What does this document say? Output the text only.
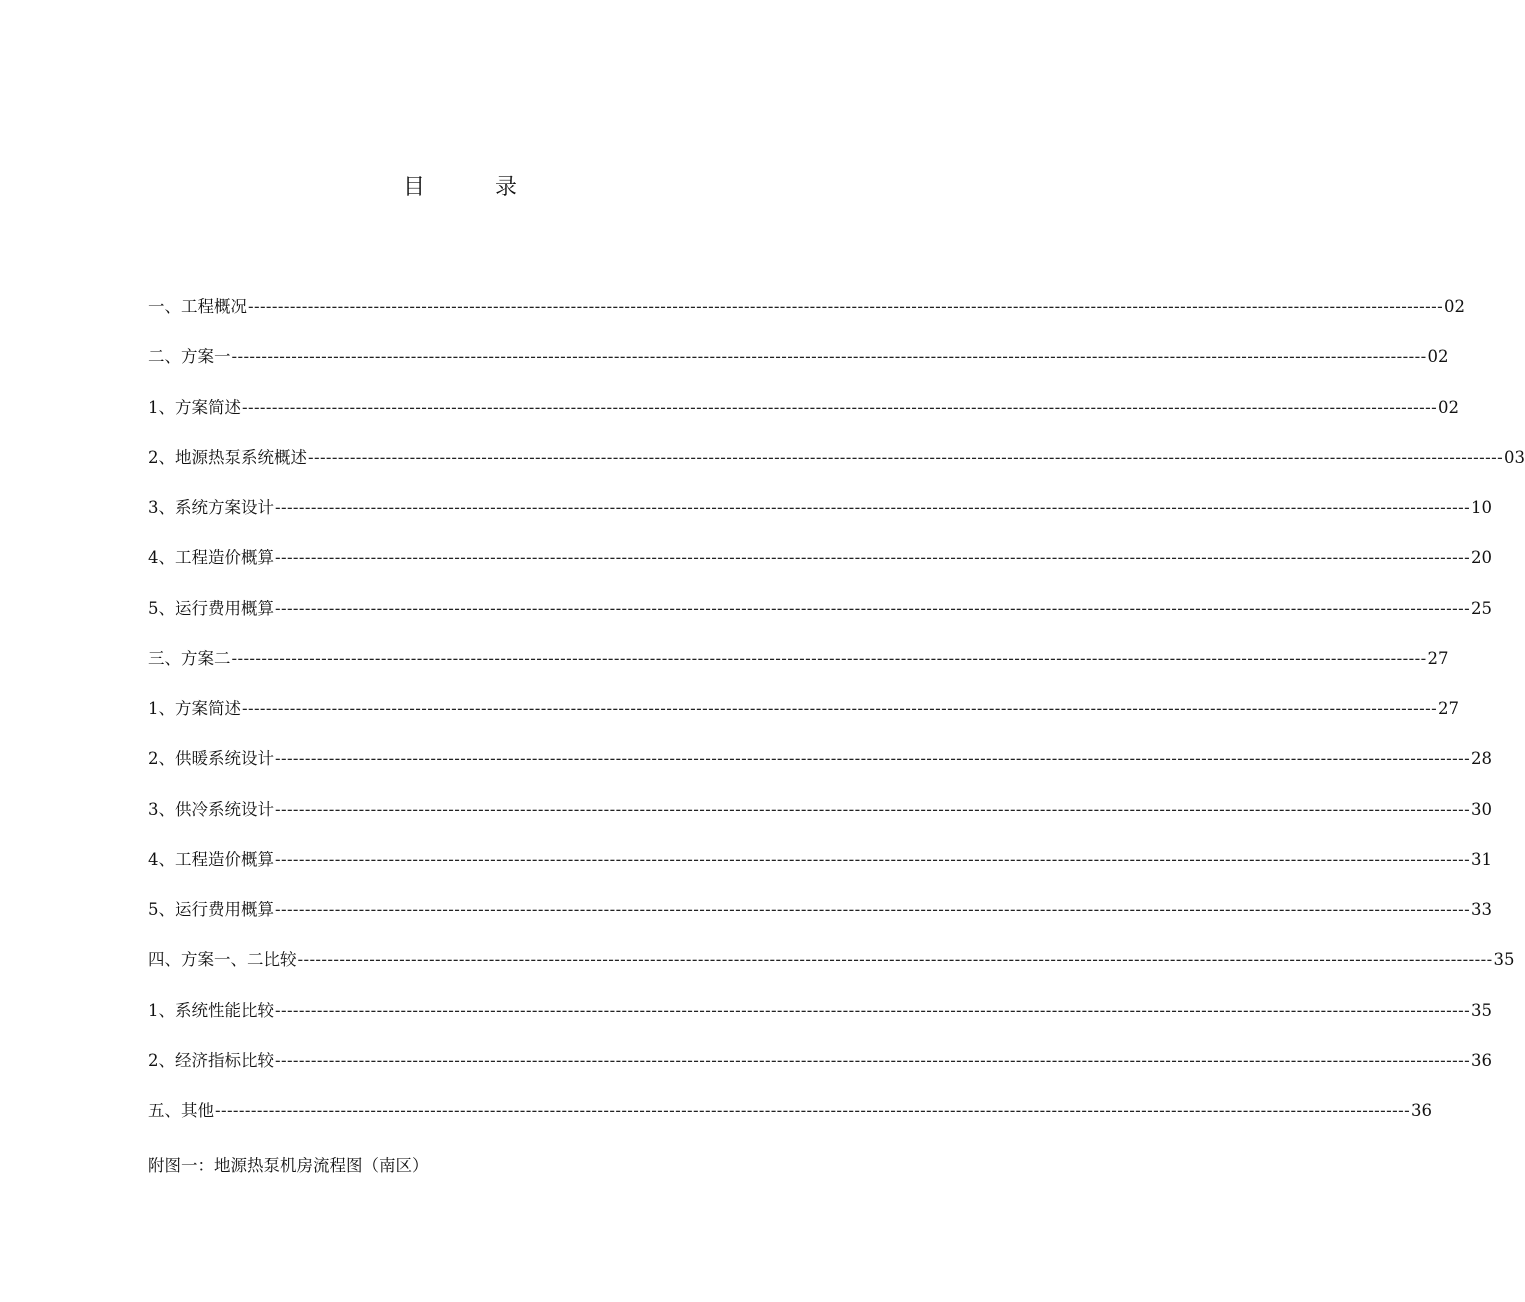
目	录
一、工程概况 -------------------------------------------------------------------------------------------------------------------------------------------------------------------------------------------------------- 02
二、方案一 -------------------------------------------------------------------------------------------------------------------------------------------------------------------------------------------------------- 02
1、方案简述 -------------------------------------------------------------------------------------------------------------------------------------------------------------------------------------------------------- 02
2、地源热泵系统概述 -------------------------------------------------------------------------------------------------------------------------------------------------------------------------------------------------------- 03
3、系统方案设计 -------------------------------------------------------------------------------------------------------------------------------------------------------------------------------------------------------- 10
4、工程造价概算 -------------------------------------------------------------------------------------------------------------------------------------------------------------------------------------------------------- 20
5、运行费用概算 -------------------------------------------------------------------------------------------------------------------------------------------------------------------------------------------------------- 25
三、方案二 -------------------------------------------------------------------------------------------------------------------------------------------------------------------------------------------------------- 27
1、方案简述 -------------------------------------------------------------------------------------------------------------------------------------------------------------------------------------------------------- 27
2、供暖系统设计 -------------------------------------------------------------------------------------------------------------------------------------------------------------------------------------------------------- 28
3、供冷系统设计 -------------------------------------------------------------------------------------------------------------------------------------------------------------------------------------------------------- 30
4、工程造价概算 -------------------------------------------------------------------------------------------------------------------------------------------------------------------------------------------------------- 31
5、运行费用概算 -------------------------------------------------------------------------------------------------------------------------------------------------------------------------------------------------------- 33
四、方案一、二比较 -------------------------------------------------------------------------------------------------------------------------------------------------------------------------------------------------------- 35
1、系统性能比较 -------------------------------------------------------------------------------------------------------------------------------------------------------------------------------------------------------- 35
2、经济指标比较 -------------------------------------------------------------------------------------------------------------------------------------------------------------------------------------------------------- 36
五、其他 -------------------------------------------------------------------------------------------------------------------------------------------------------------------------------------------------------- 36
附图一：地源热泵机房流程图（南区）
